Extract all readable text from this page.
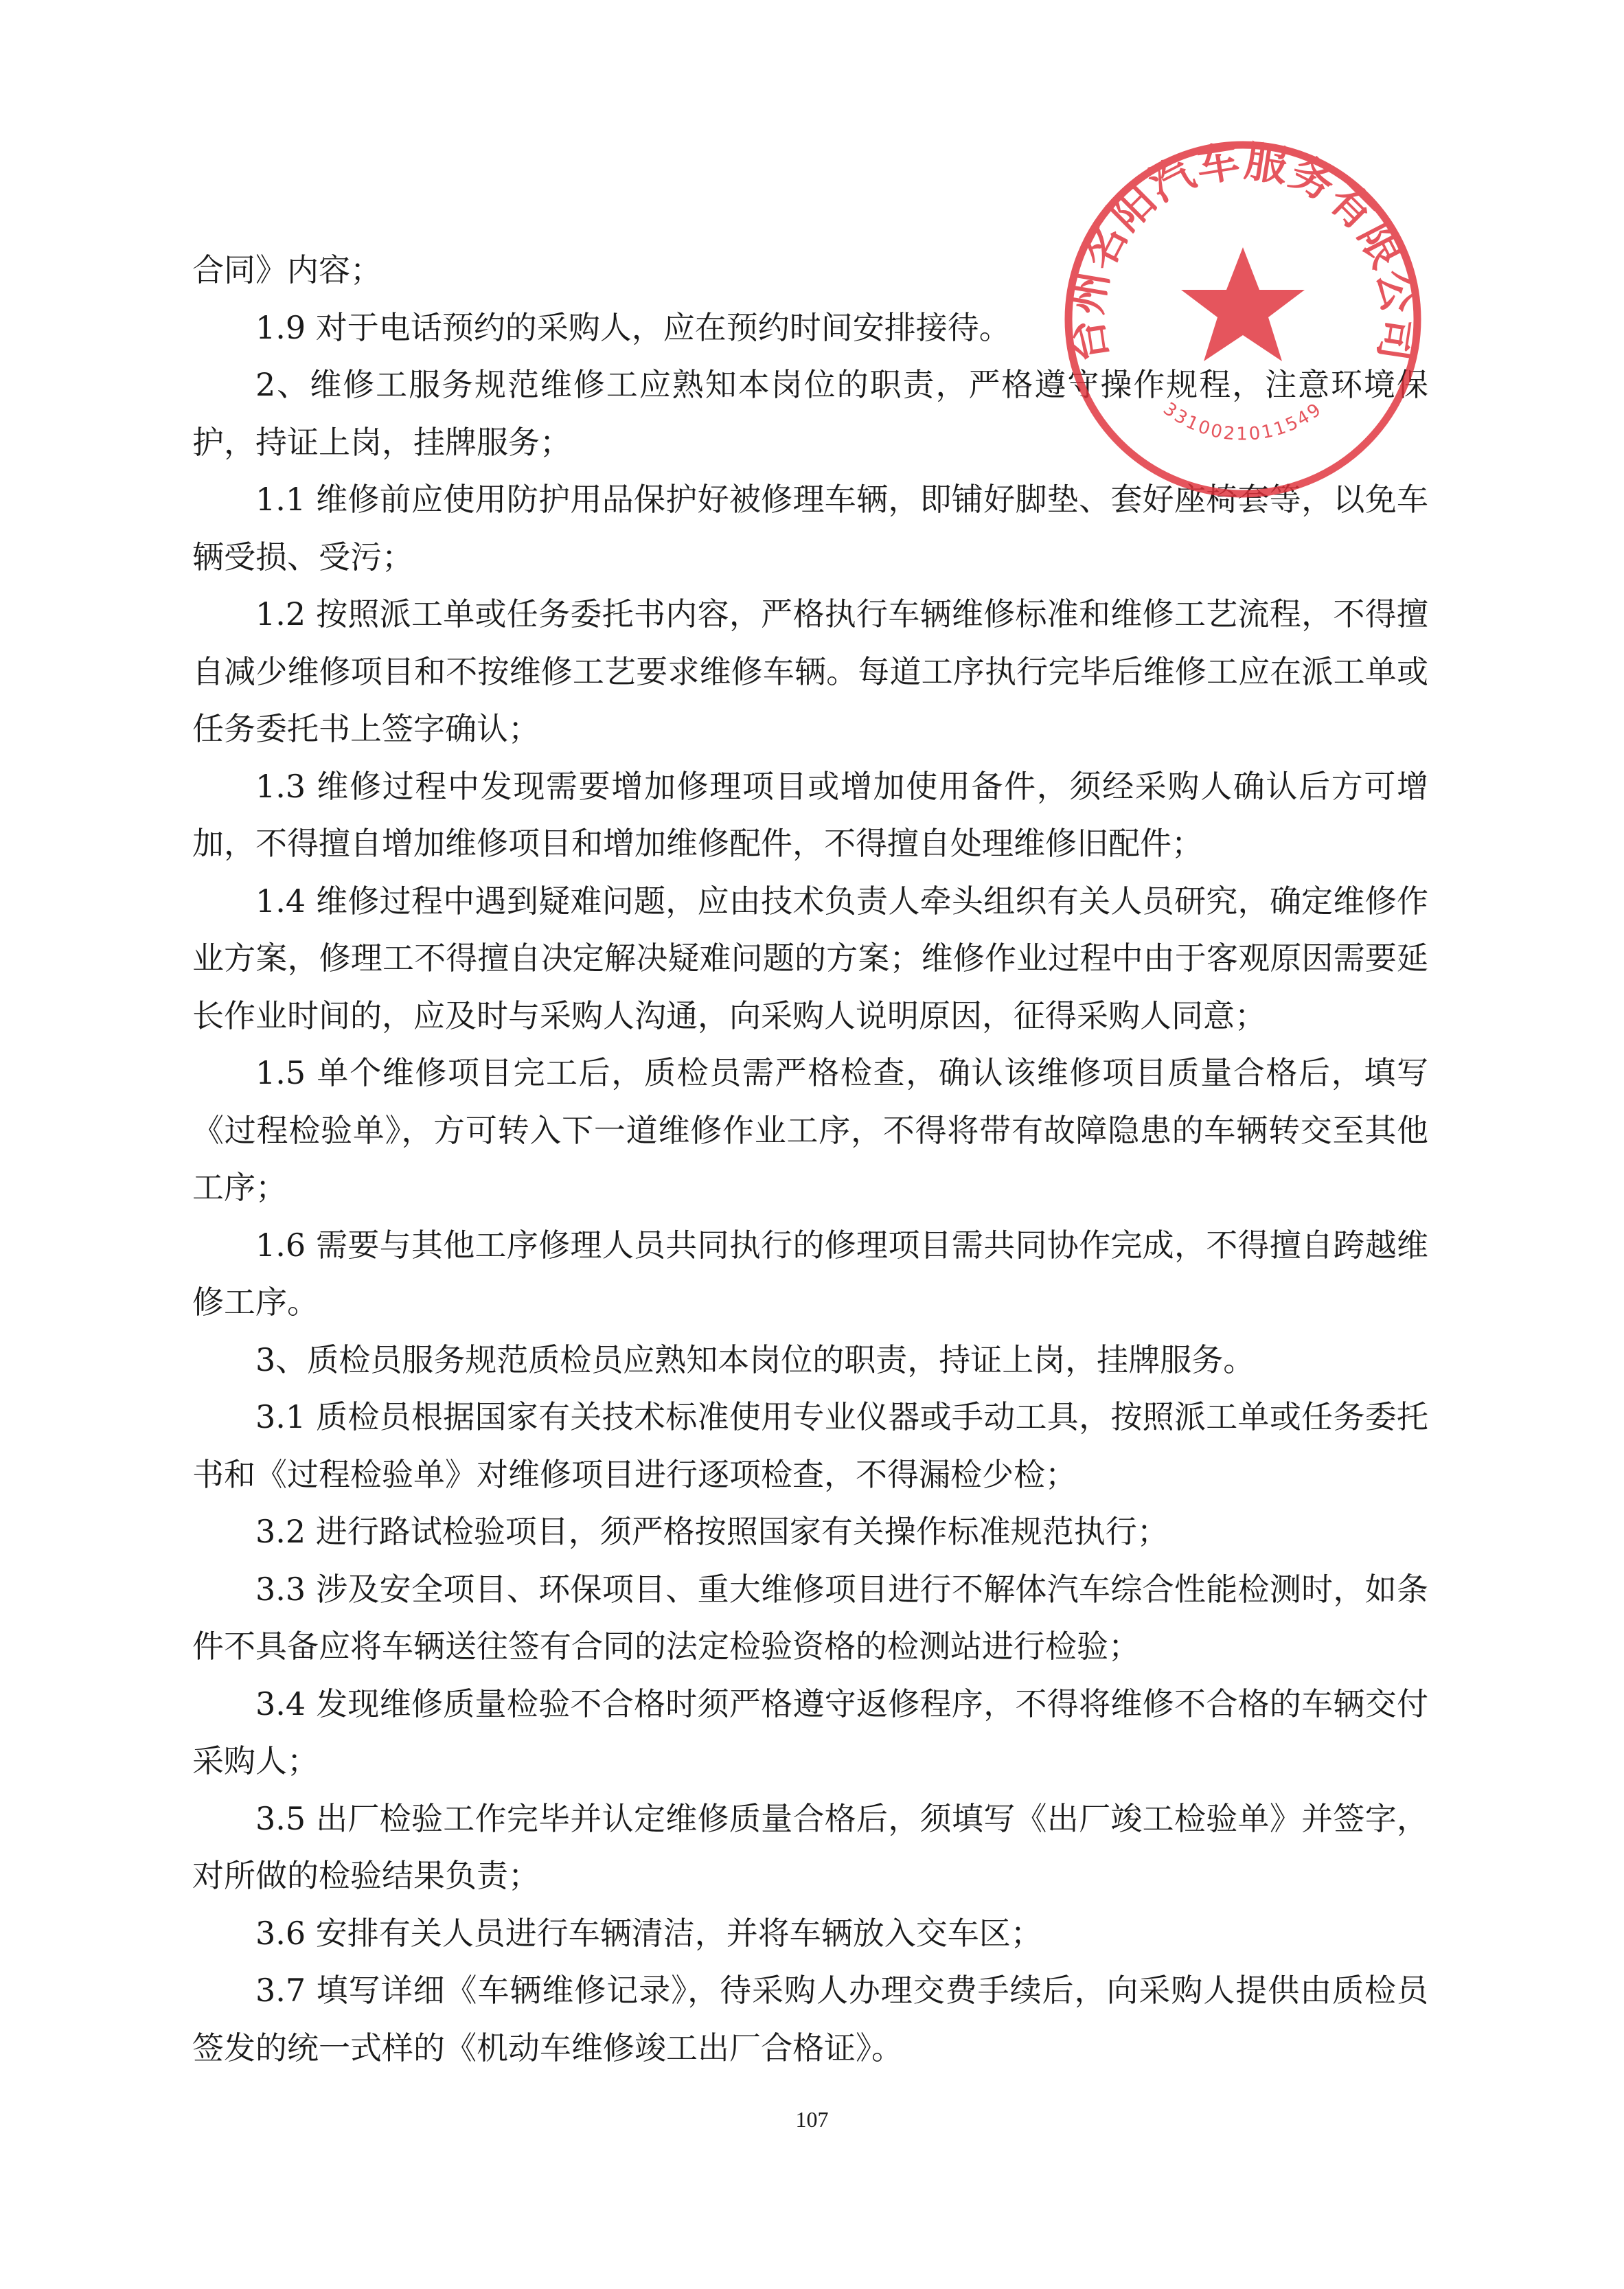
合同》内容；

1.9 对于电话预约的采购人，应在预约时间安排接待。

2、维修工服务规范维修工应熟知本岗位的职责，严格遵守操作规程，注意环境保护，持证上岗，挂牌服务；

1.1 维修前应使用防护用品保护好被修理车辆，即铺好脚垫、套好座椅套等，以免车辆受损、受污；

1.2 按照派工单或任务委托书内容，严格执行车辆维修标准和维修工艺流程，不得擅自减少维修项目和不按维修工艺要求维修车辆。每道工序执行完毕后维修工应在派工单或任务委托书上签字确认；

1.3 维修过程中发现需要增加修理项目或增加使用备件，须经采购人确认后方可增加，不得擅自增加维修项目和增加维修配件，不得擅自处理维修旧配件；

1.4 维修过程中遇到疑难问题，应由技术负责人牵头组织有关人员研究，确定维修作业方案，修理工不得擅自决定解决疑难问题的方案；维修作业过程中由于客观原因需要延长作业时间的，应及时与采购人沟通，向采购人说明原因，征得采购人同意；

1.5 单个维修项目完工后，质检员需严格检查，确认该维修项目质量合格后，填写《过程检验单》，方可转入下一道维修作业工序，不得将带有故障隐患的车辆转交至其他工序；

1.6 需要与其他工序修理人员共同执行的修理项目需共同协作完成，不得擅自跨越维修工序。

3、质检员服务规范质检员应熟知本岗位的职责，持证上岗，挂牌服务。

3.1 质检员根据国家有关技术标准使用专业仪器或手动工具，按照派工单或任务委托书和《过程检验单》对维修项目进行逐项检查，不得漏检少检；

3.2 进行路试检验项目，须严格按照国家有关操作标准规范执行；

3.3 涉及安全项目、环保项目、重大维修项目进行不解体汽车综合性能检测时，如条件不具备应将车辆送往签有合同的法定检验资格的检测站进行检验；

3.4 发现维修质量检验不合格时须严格遵守返修程序，不得将维修不合格的车辆交付采购人；

3.5 出厂检验工作完毕并认定维修质量合格后，须填写《出厂竣工检验单》并签字，对所做的检验结果负责；

3.6 安排有关人员进行车辆清洁，并将车辆放入交车区；

3.7 填写详细《车辆维修记录》，待采购人办理交费手续后，向采购人提供由质检员签发的统一式样的《机动车维修竣工出厂合格证》。

台州名阳汽车服务有限公司
3310021011549
107
